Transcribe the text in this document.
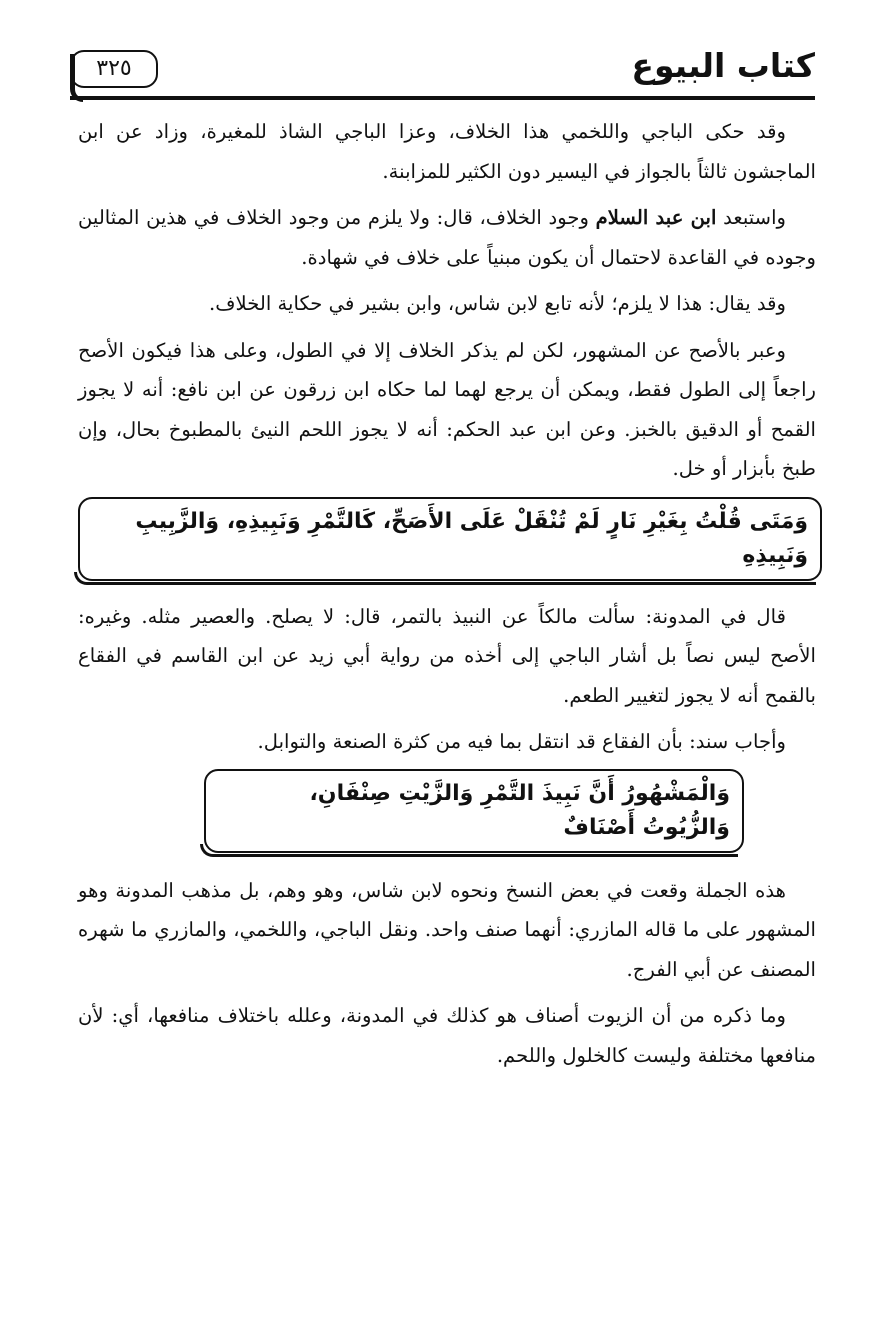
كتاب البيوع
٣٢٥

وقد حكى الباجي واللخمي هذا الخلاف، وعزا الباجي الشاذ للمغيرة، وزاد عن ابن الماجشون ثالثاً بالجواز في اليسير دون الكثير للمزابنة.

واستبعد ابن عبد السلام وجود الخلاف، قال: ولا يلزم من وجود الخلاف في هذين المثالين وجوده في القاعدة لاحتمال أن يكون مبنياً على خلاف في شهادة.

وقد يقال: هذا لا يلزم؛ لأنه تابع لابن شاس، وابن بشير في حكاية الخلاف.

وعبر بالأصح عن المشهور، لكن لم يذكر الخلاف إلا في الطول، وعلى هذا فيكون الأصح راجعاً إلى الطول فقط، ويمكن أن يرجع لهما لما حكاه ابن زرقون عن ابن نافع: أنه لا يجوز القمح أو الدقيق بالخبز. وعن ابن عبد الحكم: أنه لا يجوز اللحم النيئ بالمطبوخ بحال، وإن طبخ بأبزار أو خل.

وَمَتَى قُلْتُ بِغَيْرِ نَارٍ لَمْ تُنْقَلْ عَلَى الأَصَحِّ، كَالتَّمْرِ وَنَبِيذِهِ، وَالزَّبِيبِ وَنَبِيذِهِ

قال في المدونة: سألت مالكاً عن النبيذ بالتمر، قال: لا يصلح. والعصير مثله. وغيره: الأصح ليس نصاً بل أشار الباجي إلى أخذه من رواية أبي زيد عن ابن القاسم في الفقاع بالقمح أنه لا يجوز لتغيير الطعم.

وأجاب سند: بأن الفقاع قد انتقل بما فيه من كثرة الصنعة والتوابل.

وَالْمَشْهُورُ أَنَّ نَبِيذَ التَّمْرِ وَالزَّيْتِ صِنْفَانِ، وَالزُّيُوتُ أَصْنَافٌ

هذه الجملة وقعت في بعض النسخ ونحوه لابن شاس، وهو وهم، بل مذهب المدونة وهو المشهور على ما قاله المازري: أنهما صنف واحد. ونقل الباجي، واللخمي، والمازري ما شهره المصنف عن أبي الفرج.

وما ذكره من أن الزيوت أصناف هو كذلك في المدونة، وعلله باختلاف منافعها، أي: لأن منافعها مختلفة وليست كالخلول واللحم.
